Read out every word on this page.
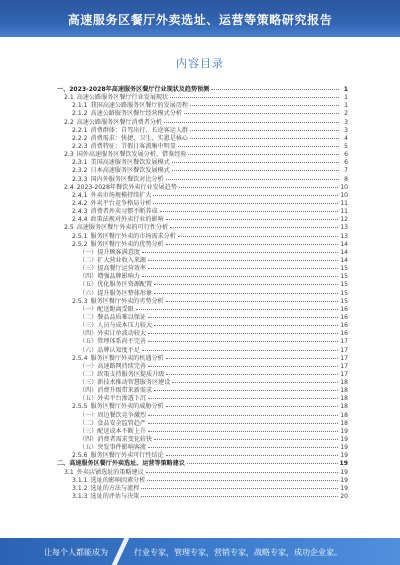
高速服务区餐厅外卖选址、运营等策略研究报告
内容目录
一、 2023-2028年高速服务区餐厅行业现状及趋势预测	1
2.1 高速公路服务区餐厅行业发展现状	1
2.1.1 我国高速公路服务区餐厅的发展历程	1
2.1.2 高速公路服务区餐厅经营模式分析	2
2.2 高速公路服务区餐厅消费者分析	3
2.2.1 消费群体：自驾出行、长途客运人群	3
2.2.2 消费需求：快捷、卫生、实惠是核心	4
2.2.3 消费特征：节假日客流集中明显	5
2.3 国外高速服务区餐饮发展分析，借鉴经验	6
2.3.1 美国高速服务区餐饮发展模式	6
2.3.2 日本高速服务区餐饮发展模式	7
2.3.3 国内外服务区餐饮对比分析	8
2.4 2023-2028年餐饮外卖行业发展趋势	10
2.4.1 外卖市场规模持续扩大	10
2.4.2 外卖平台竞争格局分析	11
2.4.3 消费者外卖习惯不断养成	11
2.4.4 政策法规对外卖行业的影响	12
2.5 高速服务区餐厅外卖的可行性分析	13
2.5.1 服务区餐厅外卖的市场需求分析	13
2.5.2 服务区餐厅外卖的优势分析	14
（一） 提升顾客满意度	14
（二） 扩大营业收入来源	14
（三） 提高餐厅运营效率	15
（四） 增强品牌影响力	15
（五） 优化服务区资源配置	15
（六） 提升服务区整体形象	15
2.5.3 服务区餐厅外卖的劣势分析	15
（一） 配送距离受限	16
（二） 餐品品质难以保证	16
（三） 人员与成本压力较大	16
（四） 外卖订单波动较大	16
（五） 管理体系尚不完善	17
（六） 品牌认知度不足	17
2.5.4 服务区餐厅外卖的机遇分析	17
（一） 高速路网持续完善	17
（二） 政策支持服务区提质升级	17
（三） 新技术推动智慧服务区建设	18
（四） 消费升级带来新需求	18
（五） 外卖平台渗透下沉	18
2.5.5 服务区餐厅外卖的威胁分析	18
（一） 周边餐饮竞争激烈	18
（二） 食品安全监管趋严	18
（三） 配送成本不断上升	19
（四） 消费者需求变化较快	19
（五） 突发事件影响客流	19
2.5.6 服务区餐厅外卖可行性结论	19
二、 高速服务区餐厅外卖选址、运营等策略建议	19
3.1 外卖店铺选址的策略建议	19
3.1.1 选址的影响因素分析	19
3.1.2 选址的方法与流程	19
3.1.3 选址的评估与决策	20
让每个人都能成为	行业专家，管理专家，营销专家，战略专家，成功企业家。
